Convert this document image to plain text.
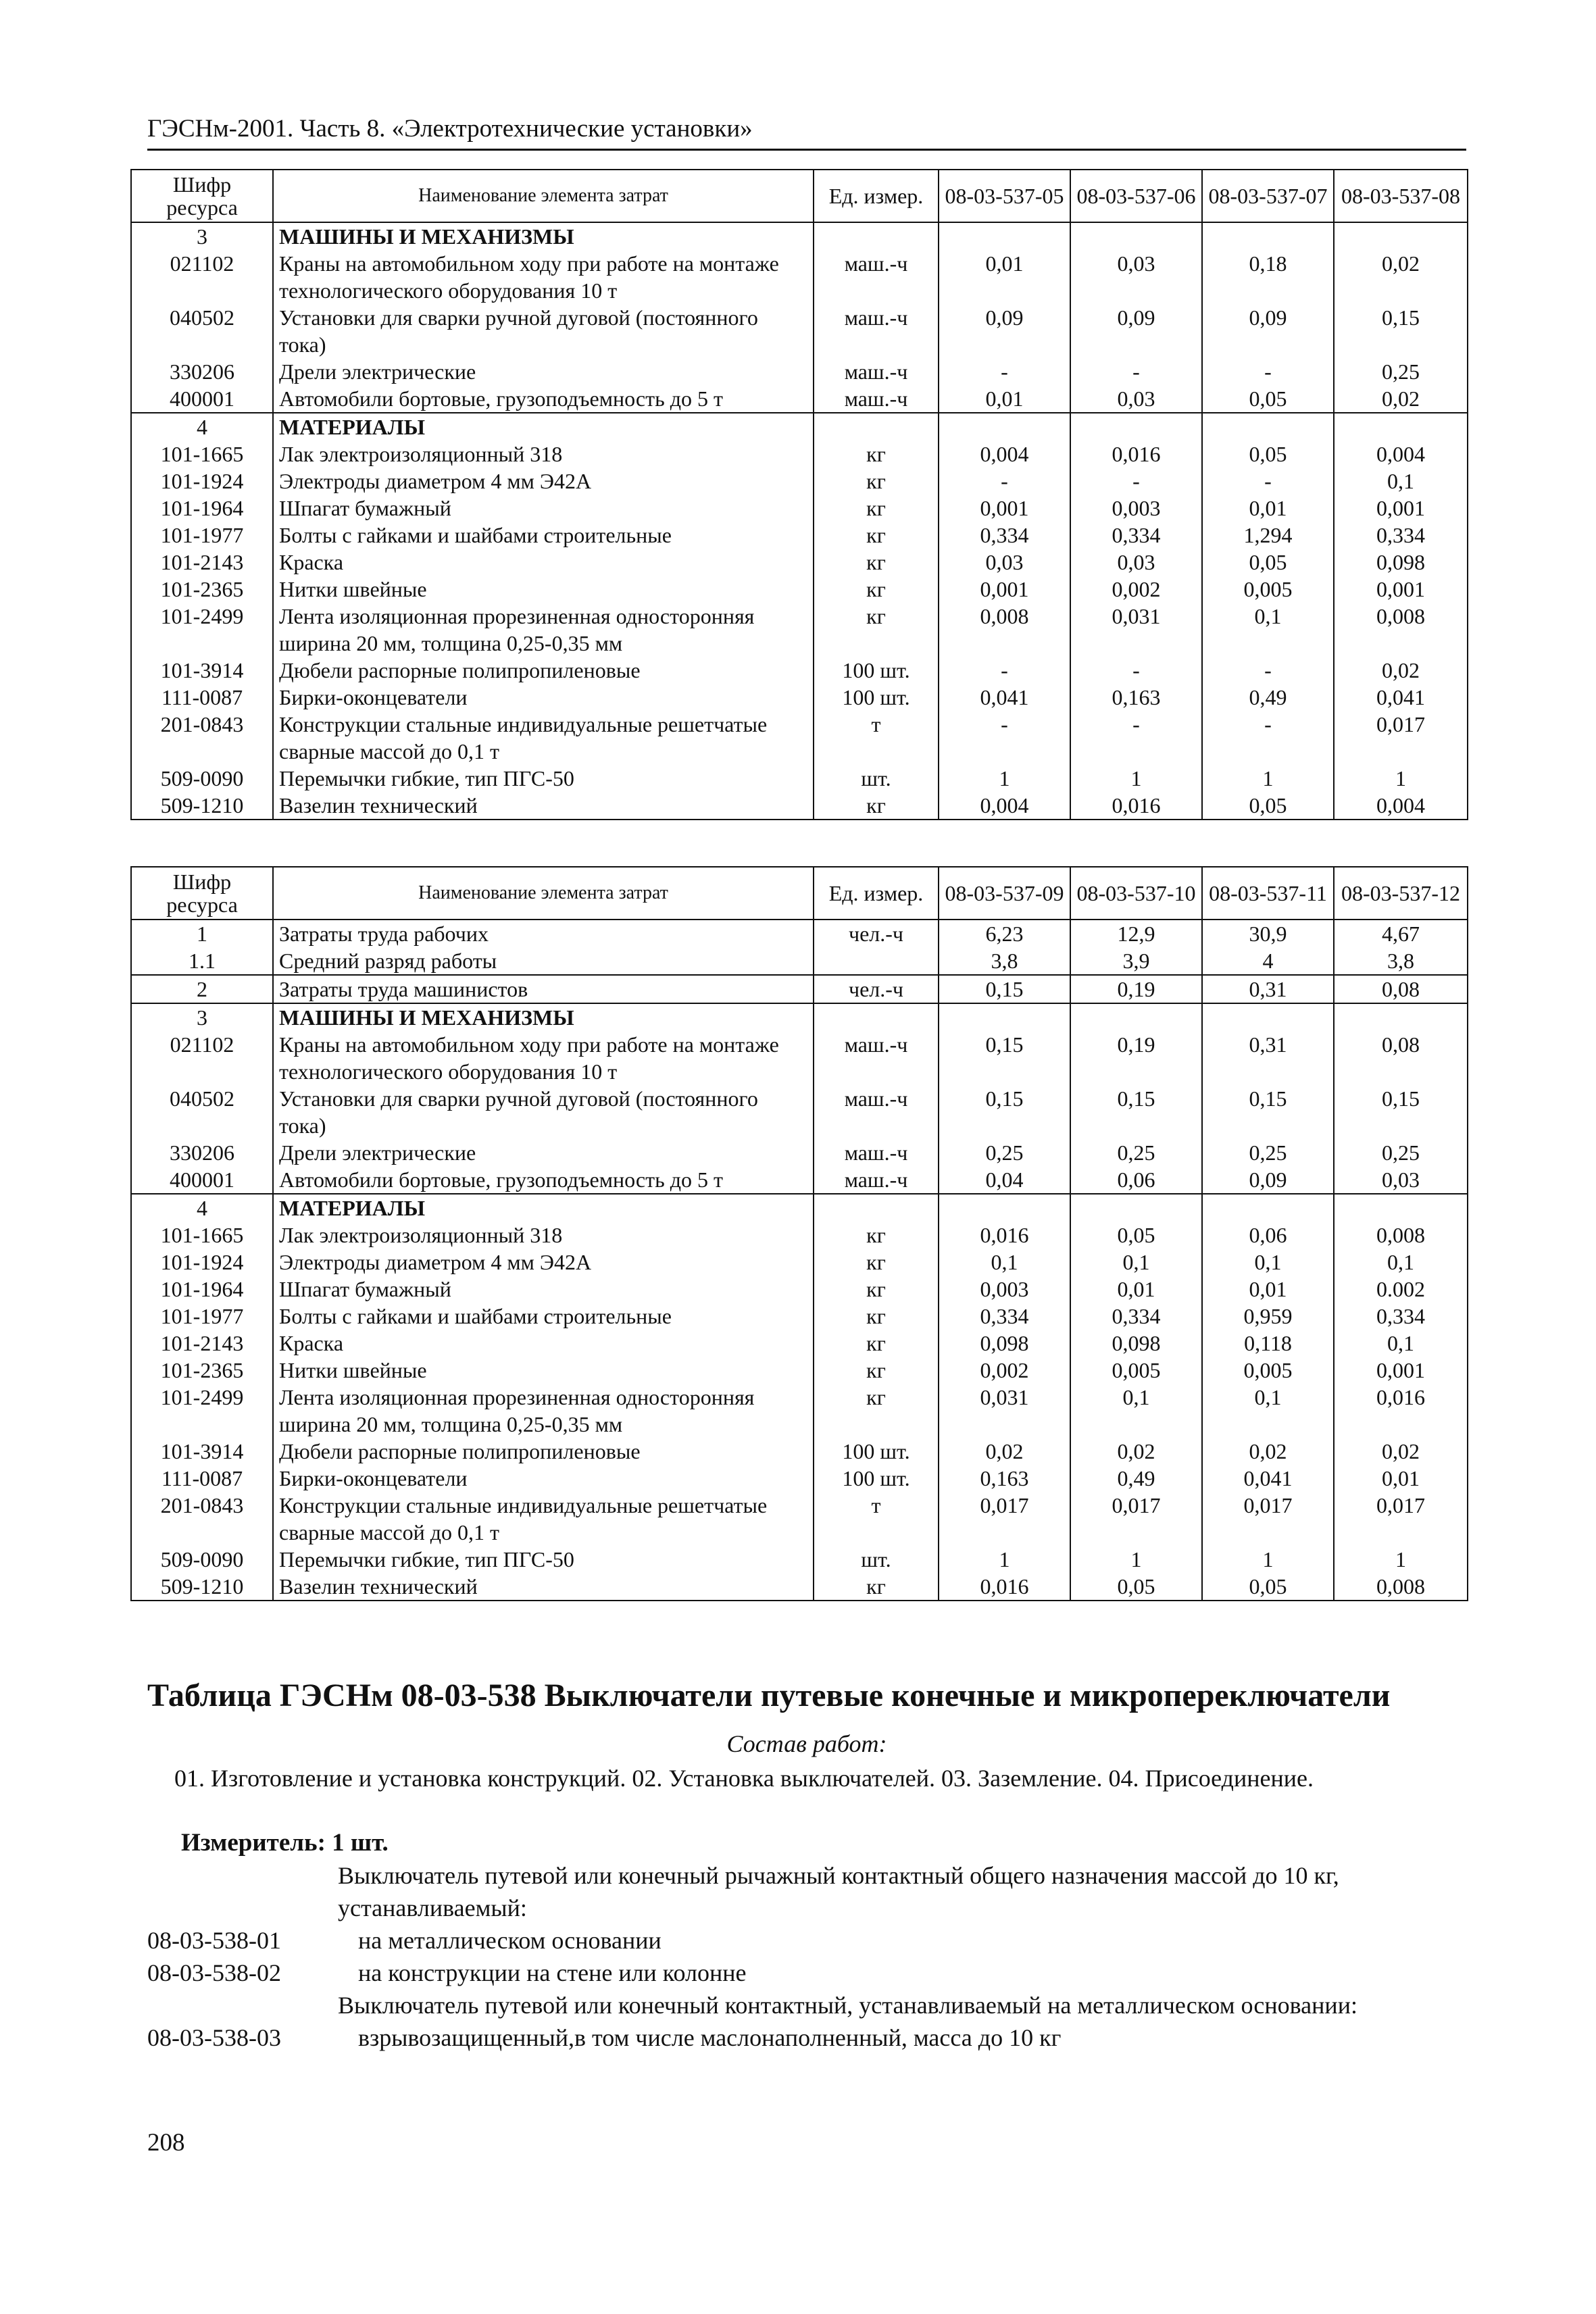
ГЭСНм-2001. Часть 8. «Электротехнические установки»
Шифр ресурса	Наименование элемента затрат	Ед. измер.	08-03-537-05	08-03-537-06	08-03-537-07	08-03-537-08
3	МАШИНЫ И МЕХАНИЗМЫ					
021102	Краны на автомобильном ходу при работе на монтаже технологического оборудования 10 т	маш.-ч	0,01	0,03	0,18	0,02
040502	Установки для сварки ручной дуговой (постоянного тока)	маш.-ч	0,09	0,09	0,09	0,15
330206	Дрели электрические	маш.-ч	-	-	-	0,25
400001	Автомобили бортовые, грузоподъемность до 5 т	маш.-ч	0,01	0,03	0,05	0,02
4	МАТЕРИАЛЫ					
101-1665	Лак электроизоляционный 318	кг	0,004	0,016	0,05	0,004
101-1924	Электроды диаметром 4 мм Э42А	кг	-	-	-	0,1
101-1964	Шпагат бумажный	кг	0,001	0,003	0,01	0,001
101-1977	Болты с гайками и шайбами строительные	кг	0,334	0,334	1,294	0,334
101-2143	Краска	кг	0,03	0,03	0,05	0,098
101-2365	Нитки швейные	кг	0,001	0,002	0,005	0,001
101-2499	Лента изоляционная прорезиненная односторонняя ширина 20 мм, толщина 0,25-0,35 мм	кг	0,008	0,031	0,1	0,008
101-3914	Дюбели распорные полипропиленовые	100 шт.	-	-	-	0,02
111-0087	Бирки-оконцеватели	100 шт.	0,041	0,163	0,49	0,041
201-0843	Конструкции стальные индивидуальные решетчатые сварные массой до 0,1 т	т	-	-	-	0,017
509-0090	Перемычки гибкие, тип ПГС-50	шт.	1	1	1	1
509-1210	Вазелин технический	кг	0,004	0,016	0,05	0,004
Шифр ресурса	Наименование элемента затрат	Ед. измер.	08-03-537-09	08-03-537-10	08-03-537-11	08-03-537-12
1	Затраты труда рабочих	чел.-ч	6,23	12,9	30,9	4,67
1.1	Средний разряд работы		3,8	3,9	4	3,8
2	Затраты труда машинистов	чел.-ч	0,15	0,19	0,31	0,08
3	МАШИНЫ И МЕХАНИЗМЫ					
021102	Краны на автомобильном ходу при работе на монтаже технологического оборудования 10 т	маш.-ч	0,15	0,19	0,31	0,08
040502	Установки для сварки ручной дуговой (постоянного тока)	маш.-ч	0,15	0,15	0,15	0,15
330206	Дрели электрические	маш.-ч	0,25	0,25	0,25	0,25
400001	Автомобили бортовые, грузоподъемность до 5 т	маш.-ч	0,04	0,06	0,09	0,03
4	МАТЕРИАЛЫ					
101-1665	Лак электроизоляционный 318	кг	0,016	0,05	0,06	0,008
101-1924	Электроды диаметром 4 мм Э42А	кг	0,1	0,1	0,1	0,1
101-1964	Шпагат бумажный	кг	0,003	0,01	0,01	0.002
101-1977	Болты с гайками и шайбами строительные	кг	0,334	0,334	0,959	0,334
101-2143	Краска	кг	0,098	0,098	0,118	0,1
101-2365	Нитки швейные	кг	0,002	0,005	0,005	0,001
101-2499	Лента изоляционная прорезиненная односторонняя ширина 20 мм, толщина 0,25-0,35 мм	кг	0,031	0,1	0,1	0,016
101-3914	Дюбели распорные полипропиленовые	100 шт.	0,02	0,02	0,02	0,02
111-0087	Бирки-оконцеватели	100 шт.	0,163	0,49	0,041	0,01
201-0843	Конструкции стальные индивидуальные решетчатые сварные массой до 0,1 т	т	0,017	0,017	0,017	0,017
509-0090	Перемычки гибкие, тип ПГС-50	шт.	1	1	1	1
509-1210	Вазелин технический	кг	0,016	0,05	0,05	0,008
Таблица ГЭСНм 08-03-538 Выключатели путевые конечные и микропереключатели
Состав работ:
01. Изготовление и установка конструкций. 02. Установка выключателей. 03. Заземление. 04. Присоединение.
Измеритель: 1 шт.
Выключатель путевой или конечный рычажный контактный общего назначения массой до 10 кг, устанавливаемый:
08-03-538-01	на металлическом основании
08-03-538-02	на конструкции на стене или колонне
Выключатель путевой или конечный контактный, устанавливаемый на металлическом основании:
08-03-538-03	взрывозащищенный,в том числе маслонаполненный, масса до 10 кг
208
